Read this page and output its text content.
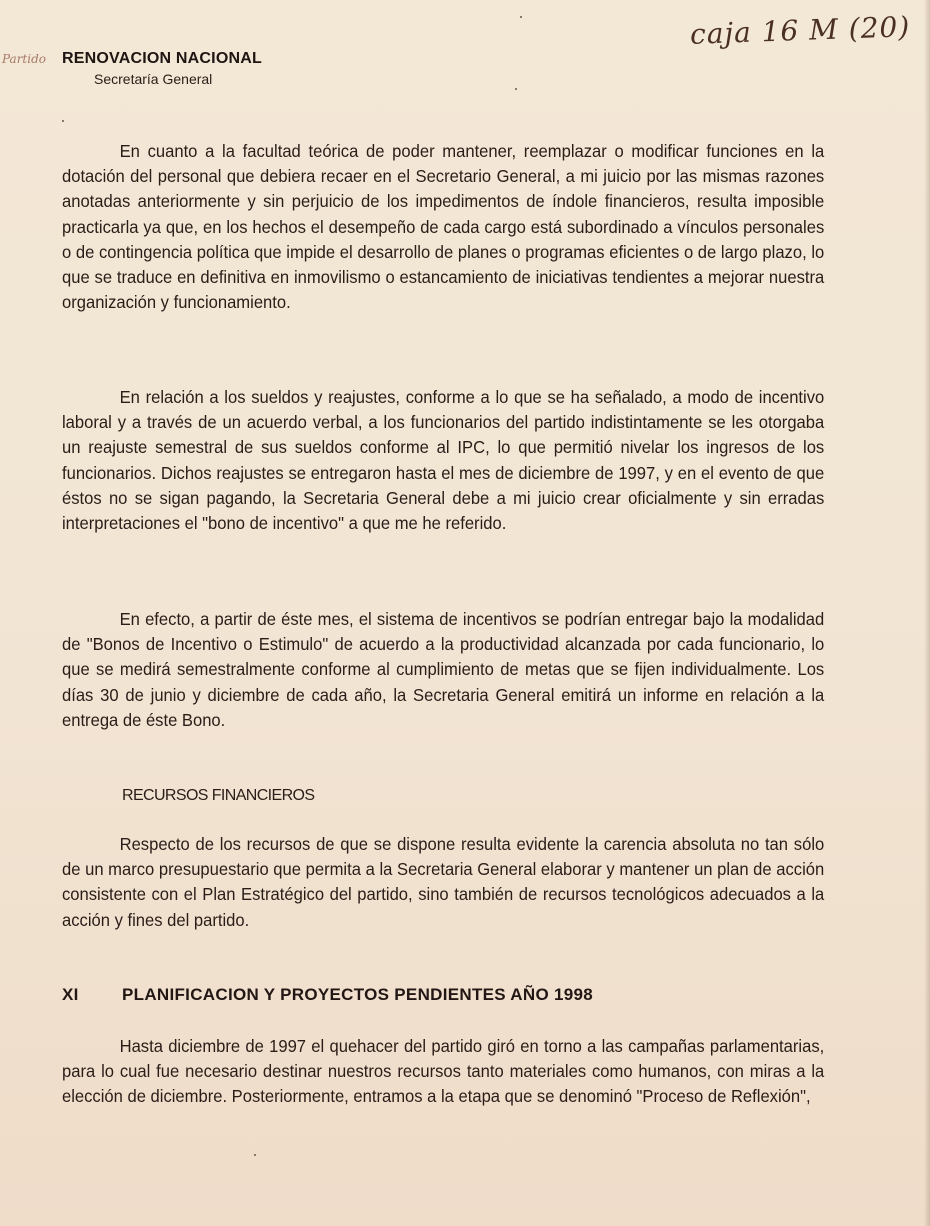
caja 16 M (20)
Partido RENOVACION NACIONAL
Secretaría General

En cuanto a la facultad teórica de poder mantener, reemplazar o modificar funciones en la dotación del personal que debiera recaer en el Secretario General, a mi juicio por las mismas razones anotadas anteriormente y sin perjuicio de los impedimentos de índole financieros, resulta imposible practicarla ya que, en los hechos el desempeño de cada cargo está subordinado a vínculos personales o de contingencia política que impide el desarrollo de planes o programas eficientes o de largo plazo, lo que se traduce en definitiva en inmovilismo o estancamiento de iniciativas tendientes a mejorar nuestra organización y funcionamiento.

En relación a los sueldos y reajustes, conforme a lo que se ha señalado, a modo de incentivo laboral y a través de un acuerdo verbal, a los funcionarios del partido indistintamente se les otorgaba un reajuste semestral de sus sueldos conforme al IPC, lo que permitió nivelar los ingresos de los funcionarios. Dichos reajustes se entregaron hasta el mes de diciembre de 1997, y en el evento de que éstos no se sigan pagando, la Secretaria General debe a mi juicio crear oficialmente y sin erradas interpretaciones el "bono de incentivo" a que me he referido.

En efecto, a partir de éste mes, el sistema de incentivos se podrían entregar bajo la modalidad de "Bonos de Incentivo o Estimulo" de acuerdo a la productividad alcanzada por cada funcionario, lo que se medirá semestralmente conforme al cumplimiento de metas que se fijen individualmente. Los días 30 de junio y diciembre de cada año, la Secretaria General emitirá un informe en relación a la entrega de éste Bono.

RECURSOS FINANCIEROS

Respecto de los recursos de que se dispone resulta evidente la carencia absoluta no tan sólo de un marco presupuestario que permita a la Secretaria General elaborar y mantener un plan de acción consistente con el Plan Estratégico del partido, sino también de recursos tecnológicos adecuados a la acción y fines del partido.

XI	PLANIFICACION Y PROYECTOS PENDIENTES AÑO 1998

Hasta diciembre de 1997 el quehacer del partido giró en torno a las campañas parlamentarias, para lo cual fue necesario destinar nuestros recursos tanto materiales como humanos, con miras a la elección de diciembre. Posteriormente, entramos a la etapa que se denominó "Proceso de Reflexión",
